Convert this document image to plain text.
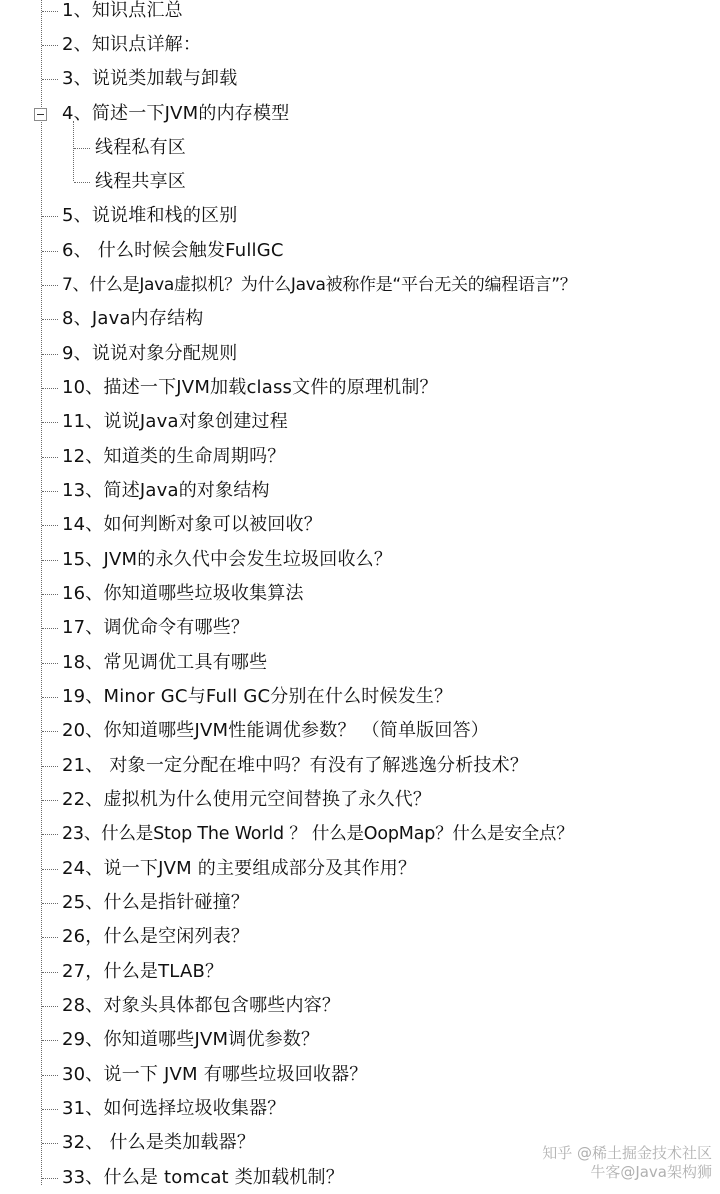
1、知识点汇总
2、知识点详解：
3、说说类加载与卸载
4、简述一下JVM的内存模型
线程私有区
线程共享区
5、说说堆和栈的区别
6、 什么时候会触发FullGC
7、什么是Java虚拟机？为什么Java被称作是“平台无关的编程语言”？
8、Java内存结构
9、说说对象分配规则
10、描述一下JVM加载class文件的原理机制？
11、说说Java对象创建过程
12、知道类的生命周期吗？
13、简述Java的对象结构
14、如何判断对象可以被回收？
15、JVM的永久代中会发生垃圾回收么？
16、你知道哪些垃圾收集算法
17、调优命令有哪些？
18、常见调优工具有哪些
19、Minor GC与Full GC分别在什么时候发生？
20、你知道哪些JVM性能调优参数？ （简单版回答）
21、 对象一定分配在堆中吗？有没有了解逃逸分析技术？
22、虚拟机为什么使用元空间替换了永久代？
23、什么是Stop The World ？ 什么是OopMap？什么是安全点？
24、说一下JVM 的主要组成部分及其作用？
25、什么是指针碰撞？
26，什么是空闲列表？
27，什么是TLAB？
28、对象头具体都包含哪些内容？
29、你知道哪些JVM调优参数？
30、说一下 JVM 有哪些垃圾回收器？
31、如何选择垃圾收集器？
32、 什么是类加载器？
33、什么是 tomcat 类加载机制？
知乎 @稀土掘金技术社区
牛客@Java架构狮
